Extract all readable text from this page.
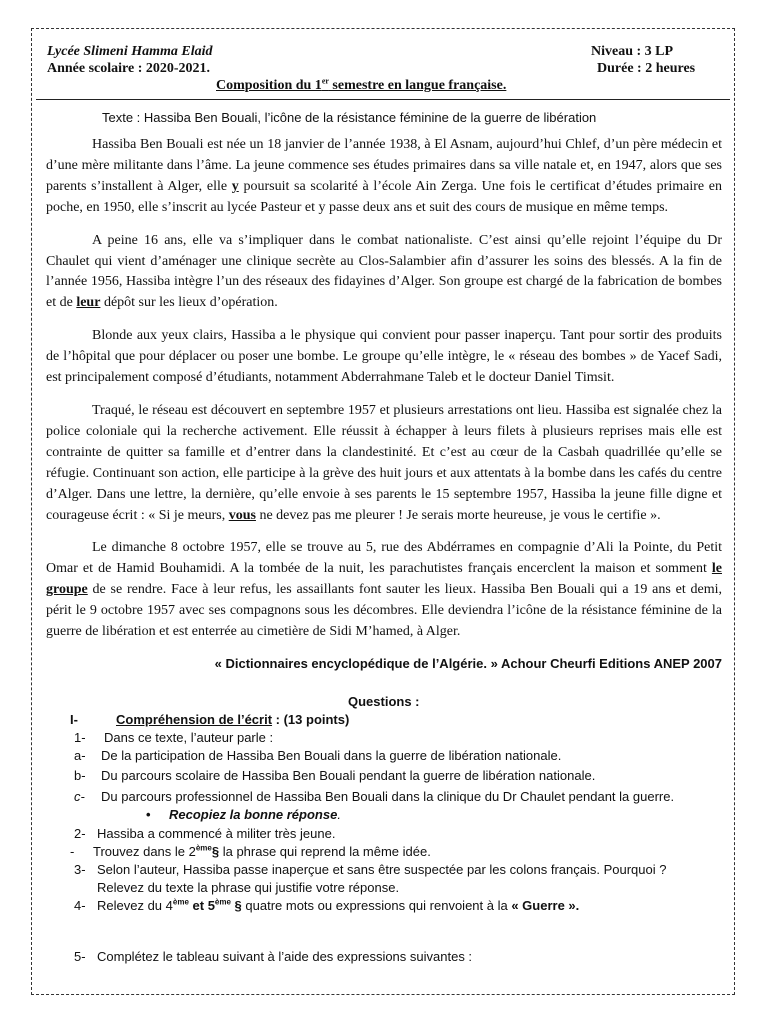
Lycée Slimeni Hamma Elaid
Année scolaire : 2020-2021.
Niveau : 3 LP
Durée : 2 heures
Composition du 1er semestre en langue française.
Texte : Hassiba Ben Bouali, l’icône de la résistance féminine de la guerre de libération

Hassiba Ben Bouali est née un 18 janvier de l’année 1938, à El Asnam, aujourd’hui Chlef, d’un père médecin et d’une mère militante dans l’âme. La jeune commence ses études primaires dans sa ville natale et, en 1947, alors que ses parents s’installent à Alger, elle y poursuit sa scolarité à l’école Ain Zerga. Une fois le certificat d’études primaire en poche, en 1950, elle s’inscrit au lycée Pasteur et y passe deux ans et suit des cours de musique en même temps.

A peine 16 ans, elle va s’impliquer dans le combat nationaliste. C’est ainsi qu’elle rejoint l’équipe du Dr Chaulet qui vient d’aménager une clinique secrète au Clos-Salambier afin d’assurer les soins des blessés. A la fin de l’année 1956, Hassiba intègre l’un des réseaux des fidayines d’Alger. Son groupe est chargé de la fabrication de bombes et de leur dépôt sur les lieux d’opération.

Blonde aux yeux clairs, Hassiba a le physique qui convient pour passer inaperçu. Tant pour sortir des produits de l’hôpital que pour déplacer ou poser une bombe. Le groupe qu’elle intègre, le « réseau des bombes » de Yacef Sadi, est principalement composé d’étudiants, notamment Abderrahmane Taleb et le docteur Daniel Timsit.

Traqué, le réseau est découvert en septembre 1957 et plusieurs arrestations ont lieu. Hassiba est signalée chez la police coloniale qui la recherche activement. Elle réussit à échapper à leurs filets à plusieurs reprises mais elle est contrainte de quitter sa famille et d’entrer dans la clandestinité. Et c’est au cœur de la Casbah quadrillée qu’elle se réfugie. Continuant son action, elle participe à la grève des huit jours et aux attentats à la bombe dans les cafés du centre d’Alger. Dans une lettre, la dernière, qu’elle envoie à ses parents le 15 septembre 1957, Hassiba la jeune fille digne et courageuse écrit : « Si je meurs, vous ne devez pas me pleurer ! Je serais morte heureuse, je vous le certifie ».

Le dimanche 8 octobre 1957, elle se trouve au 5, rue des Abdérrames en compagnie d’Ali la Pointe, du Petit Omar et de Hamid Bouhamidi. A la tombée de la nuit, les parachutistes français encerclent la maison et somment le groupe de se rendre. Face à leur refus, les assaillants font sauter les lieux. Hassiba Ben Bouali qui a 19 ans et demi, périt le 9 octobre 1957 avec ses compagnons sous les décombres. Elle deviendra l’icône de la résistance féminine de la guerre de libération et est enterrée au cimetière de Sidi M’hamed, à Alger.

« Dictionnaires encyclopédique de l’Algérie. » Achour Cheurfi Editions ANEP 2007
Questions :
I-	Compréhension de l’écrit : (13 points)
1- Dans ce texte, l’auteur parle :
a- De la participation de Hassiba Ben Bouali dans la guerre de libération nationale.
b- Du parcours scolaire de Hassiba Ben Bouali pendant la guerre de libération nationale.
c- Du parcours professionnel de Hassiba Ben Bouali dans la clinique du Dr Chaulet pendant la guerre.
• Recopiez la bonne réponse.
2- Hassiba a commencé à militer très jeune.
- Trouvez dans le 2ème§ la phrase qui reprend la même idée.
3- Selon l’auteur, Hassiba passe inaperçue et sans être suspectée par les colons français. Pourquoi ?
Relevez du texte la phrase qui justifie votre réponse.
4- Relevez du 4ème et 5ème § quatre mots ou expressions qui renvoient à la « Guerre ».
5- Complétez le tableau suivant à l’aide des expressions suivantes :
